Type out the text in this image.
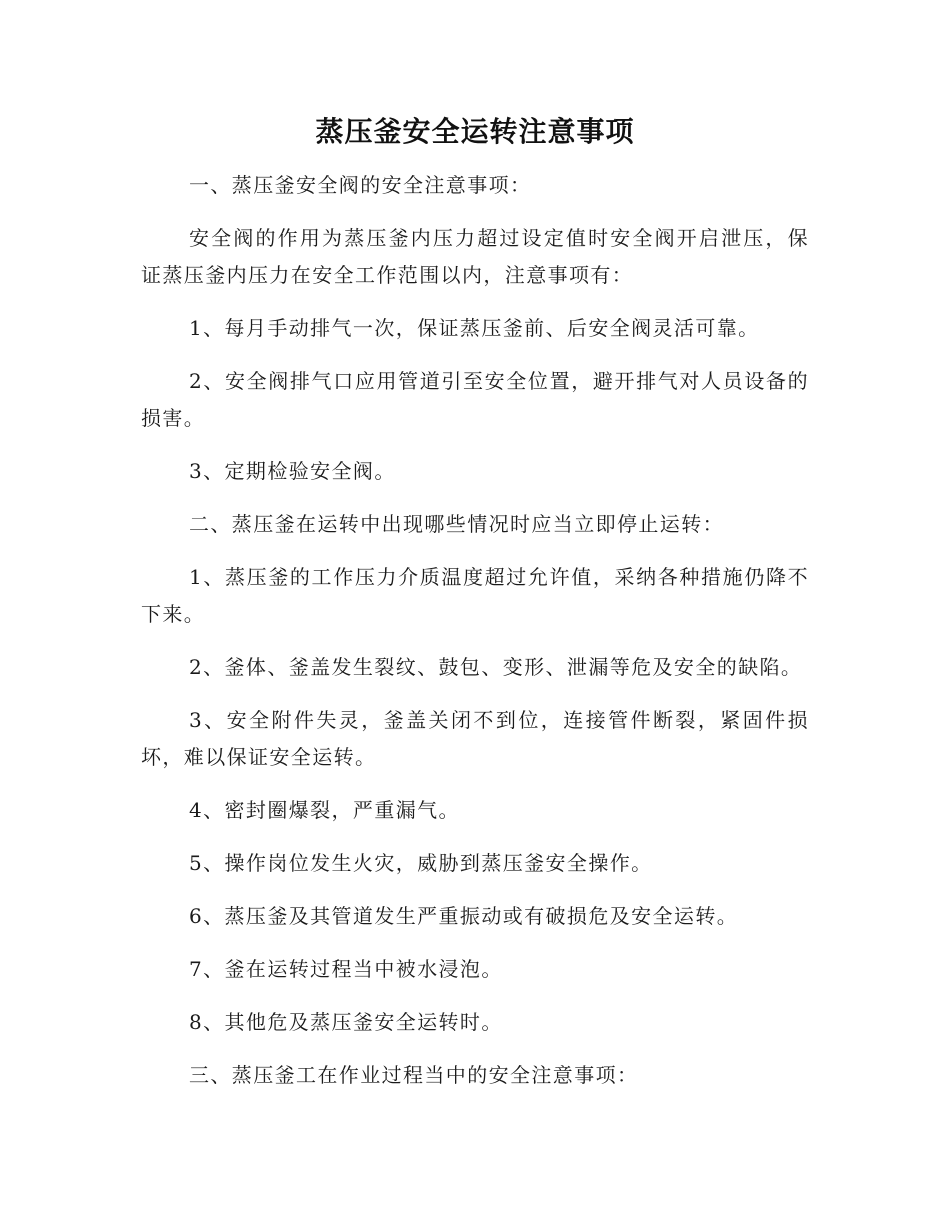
蒸压釜安全运转注意事项

一、蒸压釜安全阀的安全注意事项：

安全阀的作用为蒸压釜内压力超过设定值时安全阀开启泄压，保证蒸压釜内压力在安全工作范围以内，注意事项有：

1、每月手动排气一次，保证蒸压釜前、后安全阀灵活可靠。

2、安全阀排气口应用管道引至安全位置，避开排气对人员设备的损害。

3、定期检验安全阀。

二、蒸压釜在运转中出现哪些情况时应当立即停止运转：

1、蒸压釜的工作压力介质温度超过允许值，采纳各种措施仍降不下来。

2、釜体、釜盖发生裂纹、鼓包、变形、泄漏等危及安全的缺陷。

3、安全附件失灵，釜盖关闭不到位，连接管件断裂，紧固件损坏，难以保证安全运转。

4、密封圈爆裂，严重漏气。

5、操作岗位发生火灾，威胁到蒸压釜安全操作。

6、蒸压釜及其管道发生严重振动或有破损危及安全运转。

7、釜在运转过程当中被水浸泡。

8、其他危及蒸压釜安全运转时。

三、蒸压釜工在作业过程当中的安全注意事项：
